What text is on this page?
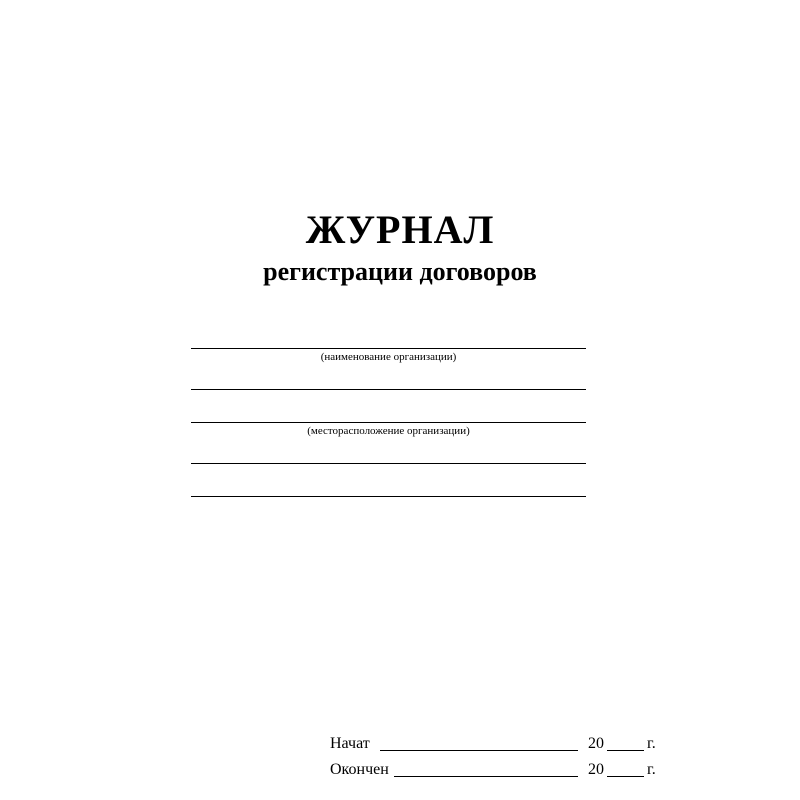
ЖУРНАЛ
регистрации договоров
(наименование организации)
(месторасположение организации)
Начат	20	г.
Окончен	20	г.
